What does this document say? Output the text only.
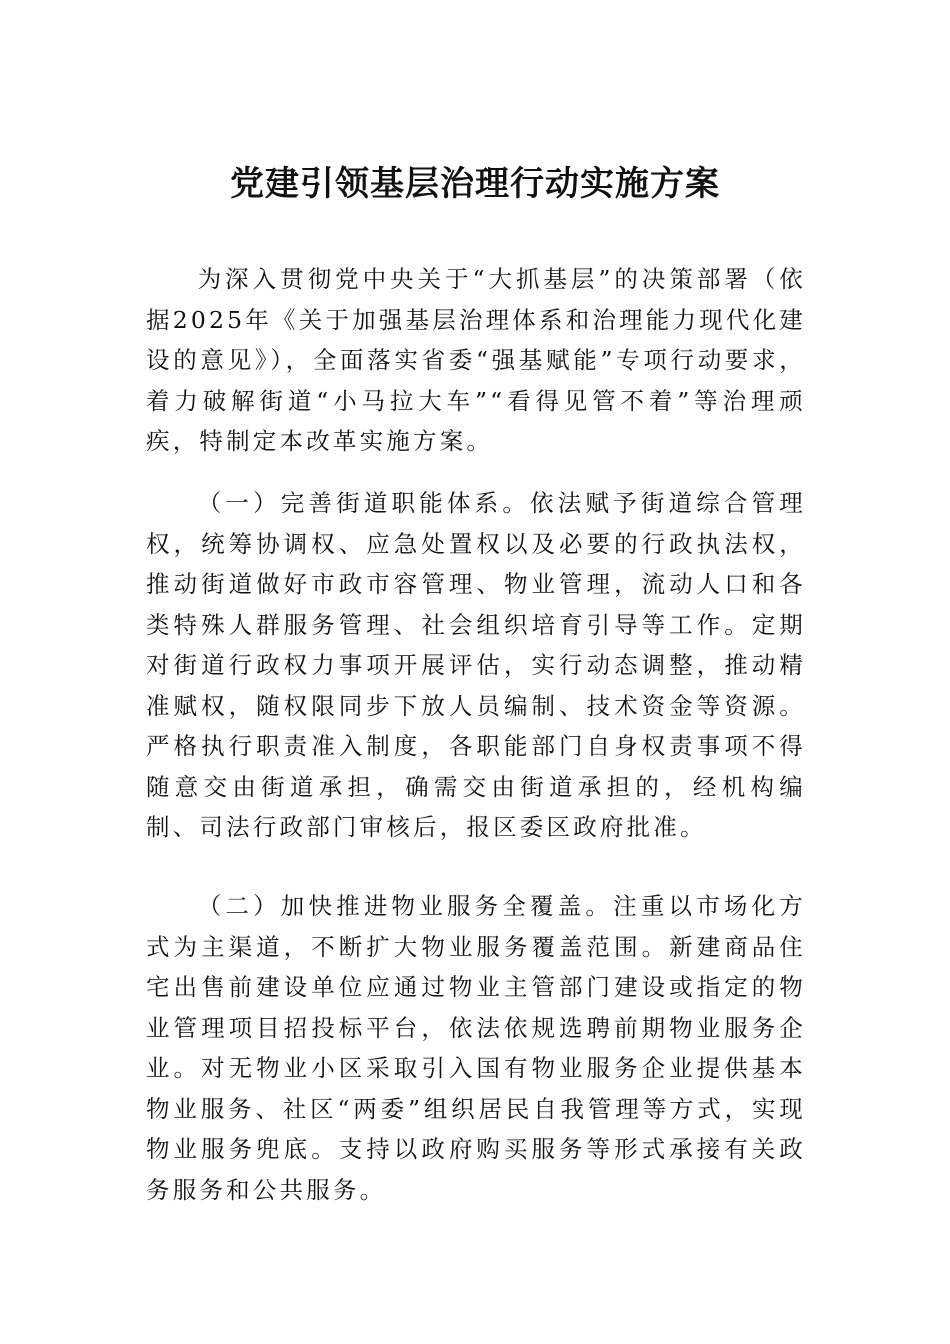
党建引领基层治理行动实施方案

为深入贯彻党中央关于“大抓基层”的决策部署（依据2025年《关于加强基层治理体系和治理能力现代化建设的意见》），全面落实省委“强基赋能”专项行动要求，着力破解街道“小马拉大车”“看得见管不着”等治理顽疾，特制定本改革实施方案。

（一）完善街道职能体系。依法赋予街道综合管理权，统筹协调权、应急处置权以及必要的行政执法权，推动街道做好市政市容管理、物业管理，流动人口和各类特殊人群服务管理、社会组织培育引导等工作。定期对街道行政权力事项开展评估，实行动态调整，推动精准赋权，随权限同步下放人员编制、技术资金等资源。严格执行职责准入制度，各职能部门自身权责事项不得随意交由街道承担，确需交由街道承担的，经机构编制、司法行政部门审核后，报区委区政府批准。

（二）加快推进物业服务全覆盖。注重以市场化方式为主渠道，不断扩大物业服务覆盖范围。新建商品住宅出售前建设单位应通过物业主管部门建设或指定的物业管理项目招投标平台，依法依规选聘前期物业服务企业。对无物业小区采取引入国有物业服务企业提供基本物业服务、社区“两委”组织居民自我管理等方式，实现物业服务兜底。支持以政府购买服务等形式承接有关政务服务和公共服务。
